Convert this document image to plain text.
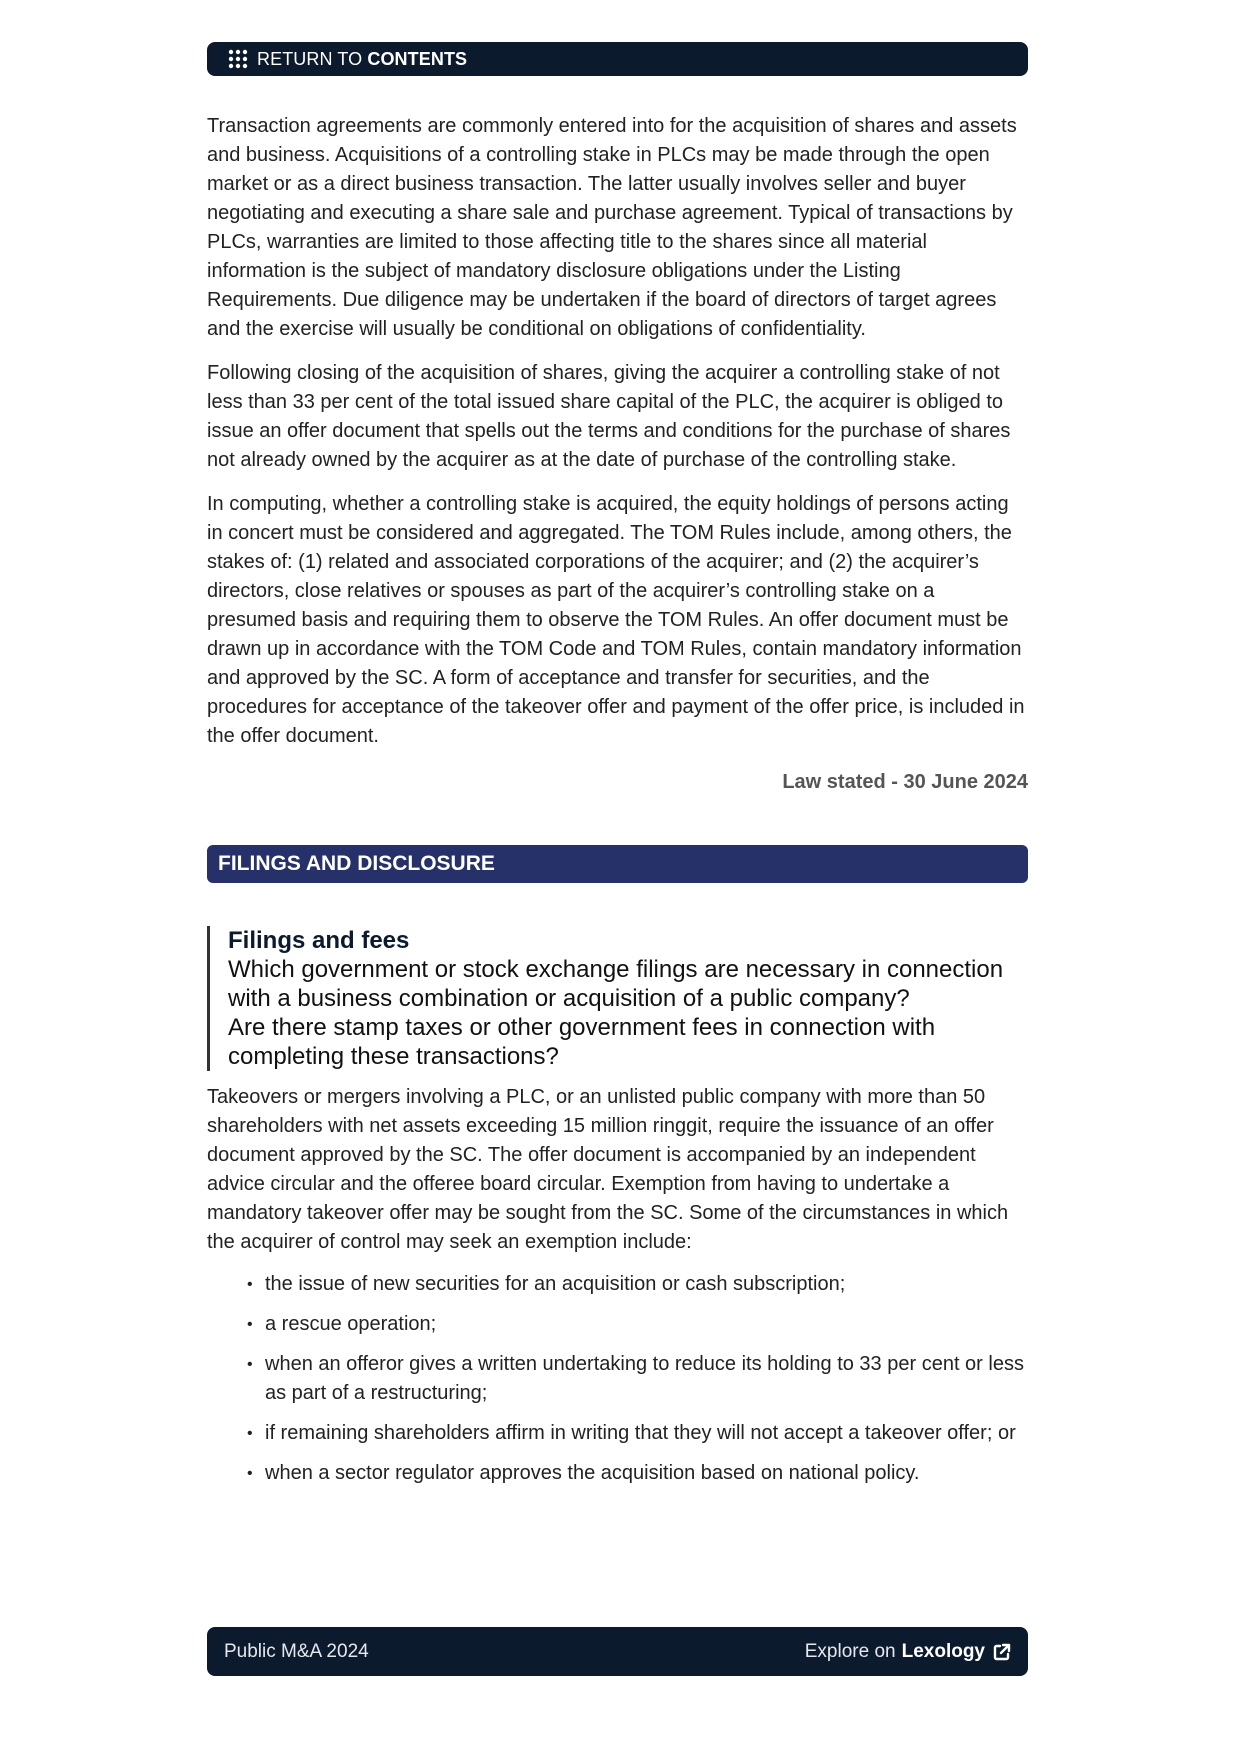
RETURN TO CONTENTS

Transaction agreements are commonly entered into for the acquisition of shares and assets and business. Acquisitions of a controlling stake in PLCs may be made through the open market or as a direct business transaction. The latter usually involves seller and buyer negotiating and executing a share sale and purchase agreement. Typical of transactions by PLCs, warranties are limited to those affecting title to the shares since all material information is the subject of mandatory disclosure obligations under the Listing Requirements. Due diligence may be undertaken if the board of directors of target agrees and the exercise will usually be conditional on obligations of confidentiality.

Following closing of the acquisition of shares, giving the acquirer a controlling stake of not less than 33 per cent of the total issued share capital of the PLC, the acquirer is obliged to issue an offer document that spells out the terms and conditions for the purchase of shares not already owned by the acquirer as at the date of purchase of the controlling stake.

In computing, whether a controlling stake is acquired, the equity holdings of persons acting in concert must be considered and aggregated. The TOM Rules include, among others, the stakes of: (1) related and associated corporations of the acquirer; and (2) the acquirer’s directors, close relatives or spouses as part of the acquirer’s controlling stake on a presumed basis and requiring them to observe the TOM Rules. An offer document must be drawn up in accordance with the TOM Code and TOM Rules, contain mandatory information and approved by the SC. A form of acceptance and transfer for securities, and the procedures for acceptance of the takeover offer and payment of the offer price, is included in the offer document.

Law stated - 30 June 2024
FILINGS AND DISCLOSURE

Filings and fees

Which government or stock exchange filings are necessary in connection with a business combination or acquisition of a public company?

Are there stamp taxes or other government fees in connection with completing these transactions?

Takeovers or mergers involving a PLC, or an unlisted public company with more than 50 shareholders with net assets exceeding 15 million ringgit, require the issuance of an offer document approved by the SC. The offer document is accompanied by an independent advice circular and the offeree board circular. Exemption from having to undertake a mandatory takeover offer may be sought from the SC. Some of the circumstances in which the acquirer of control may seek an exemption include:

• the issue of new securities for an acquisition or cash subscription;
• a rescue operation;
• when an offeror gives a written undertaking to reduce its holding to 33 per cent or less as part of a restructuring;
• if remaining shareholders affirm in writing that they will not accept a takeover offer; or
• when a sector regulator approves the acquisition based on national policy.
Public M&A 2024	Explore on Lexology
